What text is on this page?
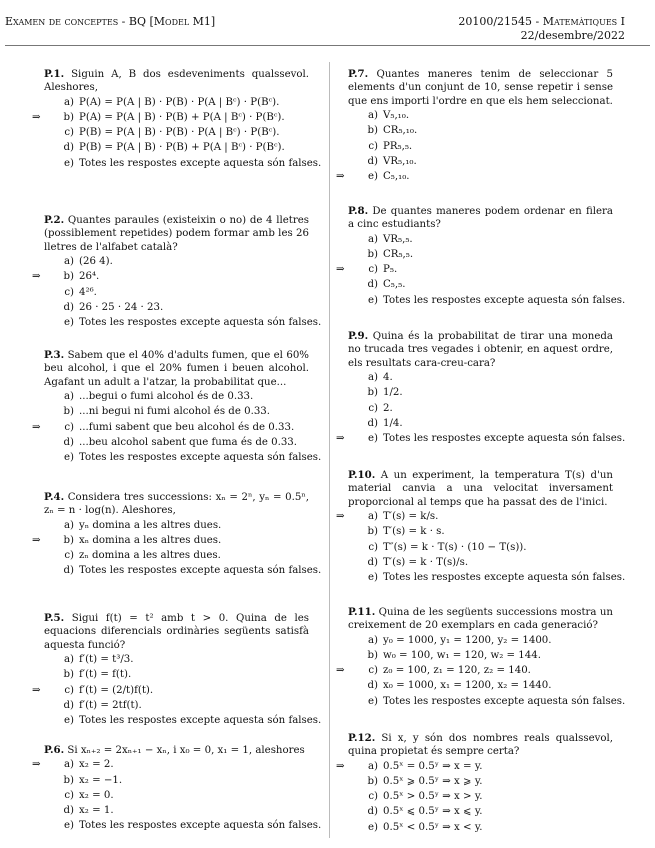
Examen de conceptes - BQ [Model M1]	20100/21545 - Matemàtiques I
22/desembre/2022
P.1. Siguin A, B dos esdeveniments qualssevol. Aleshores,
a) P(A) = P(A | B) · P(B) · P(A | Bᶜ) · P(Bᶜ).
⇒ b) P(A) = P(A | B) · P(B) + P(A | Bᶜ) · P(Bᶜ).
c) P(B) = P(A | B) · P(B) · P(A | Bᶜ) · P(Bᶜ).
d) P(B) = P(A | B) · P(B) + P(A | Bᶜ) · P(Bᶜ).
e) Totes les respostes excepte aquesta són falses.
P.2. Quantes paraules (existeixin o no) de 4 lletres (possiblement repetides) podem formar amb les 26 lletres de l'alfabet català?
a) (26 4).
⇒ b) 26⁴.
c) 4²⁶.
d) 26 · 25 · 24 · 23.
e) Totes les respostes excepte aquesta són falses.
P.3. Sabem que el 40% d'adults fumen, que el 60% beu alcohol, i que el 20% fumen i beuen alcohol. Agafant un adult a l'atzar, la probabilitat que...
a) ...begui o fumi alcohol és de 0.33.
b) ...ni begui ni fumi alcohol és de 0.33.
⇒ c) ...fumi sabent que beu alcohol és de 0.33.
d) ...beu alcohol sabent que fuma és de 0.33.
e) Totes les respostes excepte aquesta són falses.
P.4. Considera tres successions: xₙ = 2ⁿ, yₙ = 0.5ⁿ, zₙ = n · log(n). Aleshores,
a) yₙ domina a les altres dues.
⇒ b) xₙ domina a les altres dues.
c) zₙ domina a les altres dues.
d) Totes les respostes excepte aquesta són falses.
P.5. Sigui f(t) = t² amb t > 0. Quina de les equacions diferencials ordinàries següents satisfà aquesta funció?
a) f′(t) = t³/3.
b) f′(t) = f(t).
⇒ c) f′(t) = (2/t)f(t).
d) f′(t) = 2tf(t).
e) Totes les respostes excepte aquesta són falses.
P.6. Si xₙ₊₂ = 2xₙ₊₁ − xₙ, i x₀ = 0, x₁ = 1, aleshores
⇒ a) x₂ = 2.
b) x₂ = −1.
c) x₂ = 0.
d) x₂ = 1.
e) Totes les respostes excepte aquesta són falses.
P.7. Quantes maneres tenim de seleccionar 5 elements d'un conjunt de 10, sense repetir i sense que ens importi l'ordre en que els hem seleccionat.
a) V₅,₁₀.
b) CR₅,₁₀.
c) PR₅,₅.
d) VR₅,₁₀.
⇒ e) C₅,₁₀.
P.8. De quantes maneres podem ordenar en filera a cinc estudiants?
a) VR₅,₅.
b) CR₅,₅.
⇒ c) P₅.
d) C₅,₅.
e) Totes les respostes excepte aquesta són falses.
P.9. Quina és la probabilitat de tirar una moneda no trucada tres vegades i obtenir, en aquest ordre, els resultats cara-creu-cara?
a) 4.
b) 1/2.
c) 2.
d) 1/4.
⇒ e) Totes les respostes excepte aquesta són falses.
P.10. A un experiment, la temperatura T(s) d'un material canvia a una velocitat inversament proporcional al temps que ha passat des de l'inici.
⇒ a) T′(s) = k/s.
b) T′(s) = k · s.
c) T″(s) = k · T(s) · (10 − T(s)).
d) T′(s) = k · T(s)/s.
e) Totes les respostes excepte aquesta són falses.
P.11. Quina de les següents successions mostra un creixement de 20 exemplars en cada generació?
a) y₀ = 1000, y₁ = 1200, y₂ = 1400.
b) w₀ = 100, w₁ = 120, w₂ = 144.
⇒ c) z₀ = 100, z₁ = 120, z₂ = 140.
d) x₀ = 1000, x₁ = 1200, x₂ = 1440.
e) Totes les respostes excepte aquesta són falses.
P.12. Si x, y són dos nombres reals qualssevol, quina propietat és sempre certa?
⇒ a) 0.5ˣ = 0.5ʸ ⇒ x = y.
b) 0.5ˣ ⩾ 0.5ʸ ⇒ x ⩾ y.
c) 0.5ˣ > 0.5ʸ ⇒ x > y.
d) 0.5ˣ ⩽ 0.5ʸ ⇒ x ⩽ y.
e) 0.5ˣ < 0.5ʸ ⇒ x < y.
